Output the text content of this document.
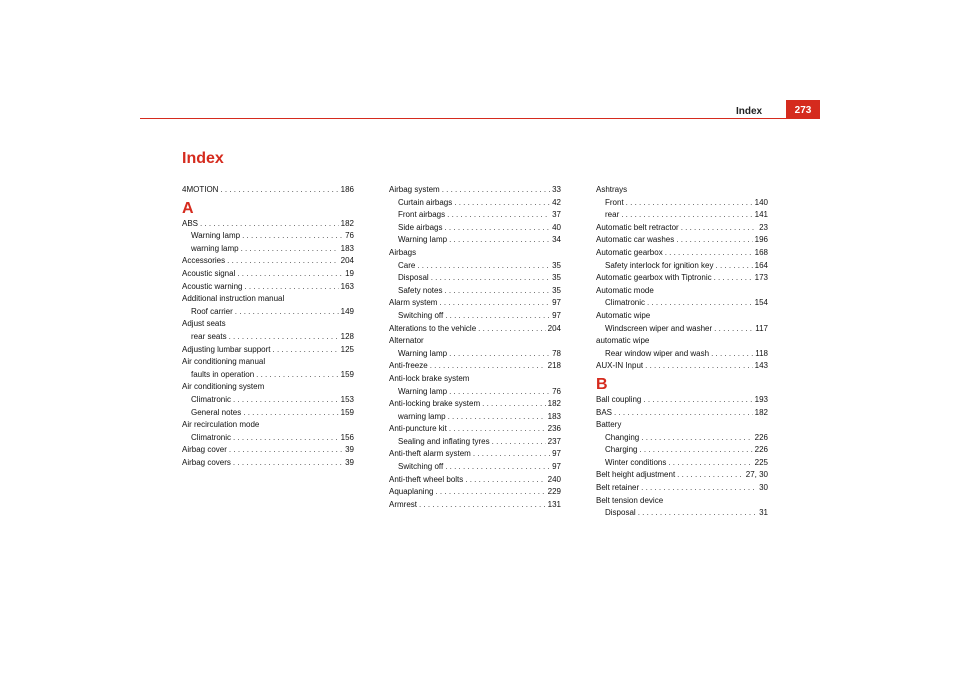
Index	273
Index
4MOTION . . .	186
A
ABS . . .	182
Warning lamp . . .	76
warning lamp . . .	183
Accessories . . .	204
Acoustic signal . . .	19
Acoustic warning . . .	163
Additional instruction manual
Roof carrier . . .	149
Adjust seats
rear seats . . .	128
Adjusting lumbar support . . .	125
Air conditioning manual
faults in operation . . .	159
Air conditioning system
Climatronic . . .	153
General notes . . .	159
Air recirculation mode
Climatronic . . .	156
Airbag cover . . .	39
Airbag covers . . .	39
Airbag system . . .	33
Curtain airbags . . .	42
Front airbags . . .	37
Side airbags . . .	40
Warning lamp . . .	34
Airbags
Care . . .	35
Disposal . . .	35
Safety notes . . .	35
Alarm system . . .	97
Switching off . . .	97
Alterations to the vehicle . . .	204
Alternator
Warning lamp . . .	78
Anti-freeze . . .	218
Anti-lock brake system
Warning lamp . . .	76
Anti-locking brake system . . .	182
warning lamp . . .	183
Anti-puncture kit . . .	236
Sealing and inflating tyres . . .	237
Anti-theft alarm system . . .	97
Switching off . . .	97
Anti-theft wheel bolts . . .	240
Aquaplaning . . .	229
Armrest . . .	131
Ashtrays
Front . . .	140
rear . . .	141
Automatic belt retractor . . .	23
Automatic car washes . . .	196
Automatic gearbox . . .	168
Safety interlock for ignition key . . .	164
Automatic gearbox with Tiptronic . . .	173
Automatic mode
Climatronic . . .	154
Automatic wipe
Windscreen wiper and washer . . .	117
automatic wipe
Rear window wiper and wash . . .	118
AUX-IN Input . . .	143
B
Ball coupling . . .	193
BAS . . .	182
Battery
Changing . . .	226
Charging . . .	226
Winter conditions . . .	225
Belt height adjustment . . .	27, 30
Belt retainer . . .	30
Belt tension device
Disposal . . .	31
